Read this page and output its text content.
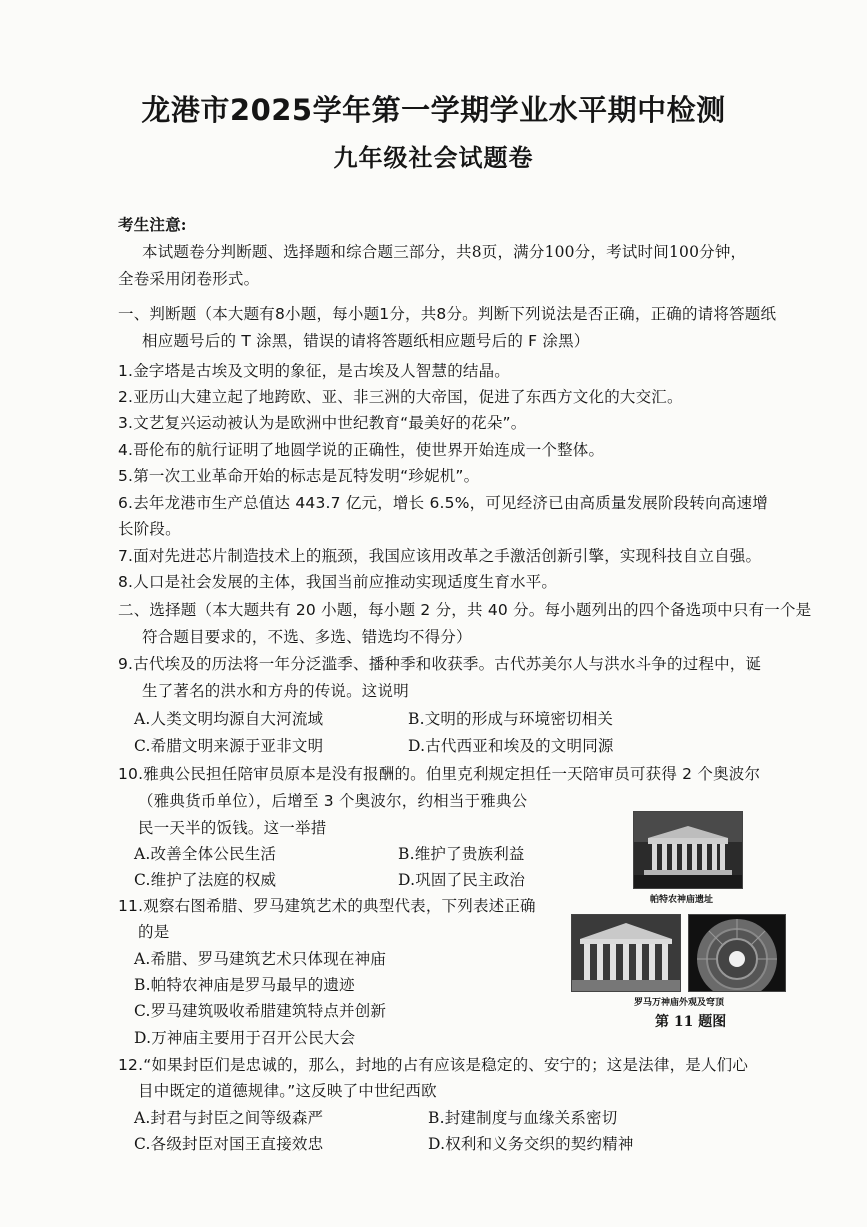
龙港市2025学年第一学期学业水平期中检测
九年级社会试题卷
考生注意:
本试题卷分判断题、选择题和综合题三部分，共8页，满分100分，考试时间100分钟，
全卷采用闭卷形式。
一、判断题（本大题有8小题，每小题1分，共8分。判断下列说法是否正确，正确的请将答题纸
相应题号后的 T 涂黑，错误的请将答题纸相应题号后的 F 涂黑）
1.金字塔是古埃及文明的象征，是古埃及人智慧的结晶。
2.亚历山大建立起了地跨欧、亚、非三洲的大帝国，促进了东西方文化的大交汇。
3.文艺复兴运动被认为是欧洲中世纪教育“最美好的花朵”。
4.哥伦布的航行证明了地圆学说的正确性，使世界开始连成一个整体。
5.第一次工业革命开始的标志是瓦特发明“珍妮机”。
6.去年龙港市生产总值达 443.7 亿元，增长 6.5%，可见经济已由高质量发展阶段转向高速增
长阶段。
7.面对先进芯片制造技术上的瓶颈，我国应该用改革之手激活创新引擎，实现科技自立自强。
8.人口是社会发展的主体，我国当前应推动实现适度生育水平。
二、选择题（本大题共有 20 小题，每小题 2 分，共 40 分。每小题列出的四个备选项中只有一个是
符合题目要求的，不选、多选、错选均不得分）
9.古代埃及的历法将一年分泛滥季、播种季和收获季。古代苏美尔人与洪水斗争的过程中，诞
生了著名的洪水和方舟的传说。这说明
A.人类文明均源自大河流域	B.文明的形成与环境密切相关
C.希腊文明来源于亚非文明	D.古代西亚和埃及的文明同源
10.雅典公民担任陪审员原本是没有报酬的。伯里克利规定担任一天陪审员可获得 2 个奥波尔
（雅典货币单位），后增至 3 个奥波尔，约相当于雅典公
民一天半的饭钱。这一举措
A.改善全体公民生活	B.维护了贵族利益
C.维护了法庭的权威	D.巩固了民主政治
11.观察右图希腊、罗马建筑艺术的典型代表，下列表述正确
的是
A.希腊、罗马建筑艺术只体现在神庙
B.帕特农神庙是罗马最早的遗迹
C.罗马建筑吸收希腊建筑特点并创新
D.万神庙主要用于召开公民大会
帕特农神庙遗址
罗马万神庙外观及穹顶
第 11 题图
12.“如果封臣们是忠诚的，那么，封地的占有应该是稳定的、安宁的；这是法律，是人们心
目中既定的道德规律。”这反映了中世纪西欧
A.封君与封臣之间等级森严	B.封建制度与血缘关系密切
C.各级封臣对国王直接效忠	D.权利和义务交织的契约精神
